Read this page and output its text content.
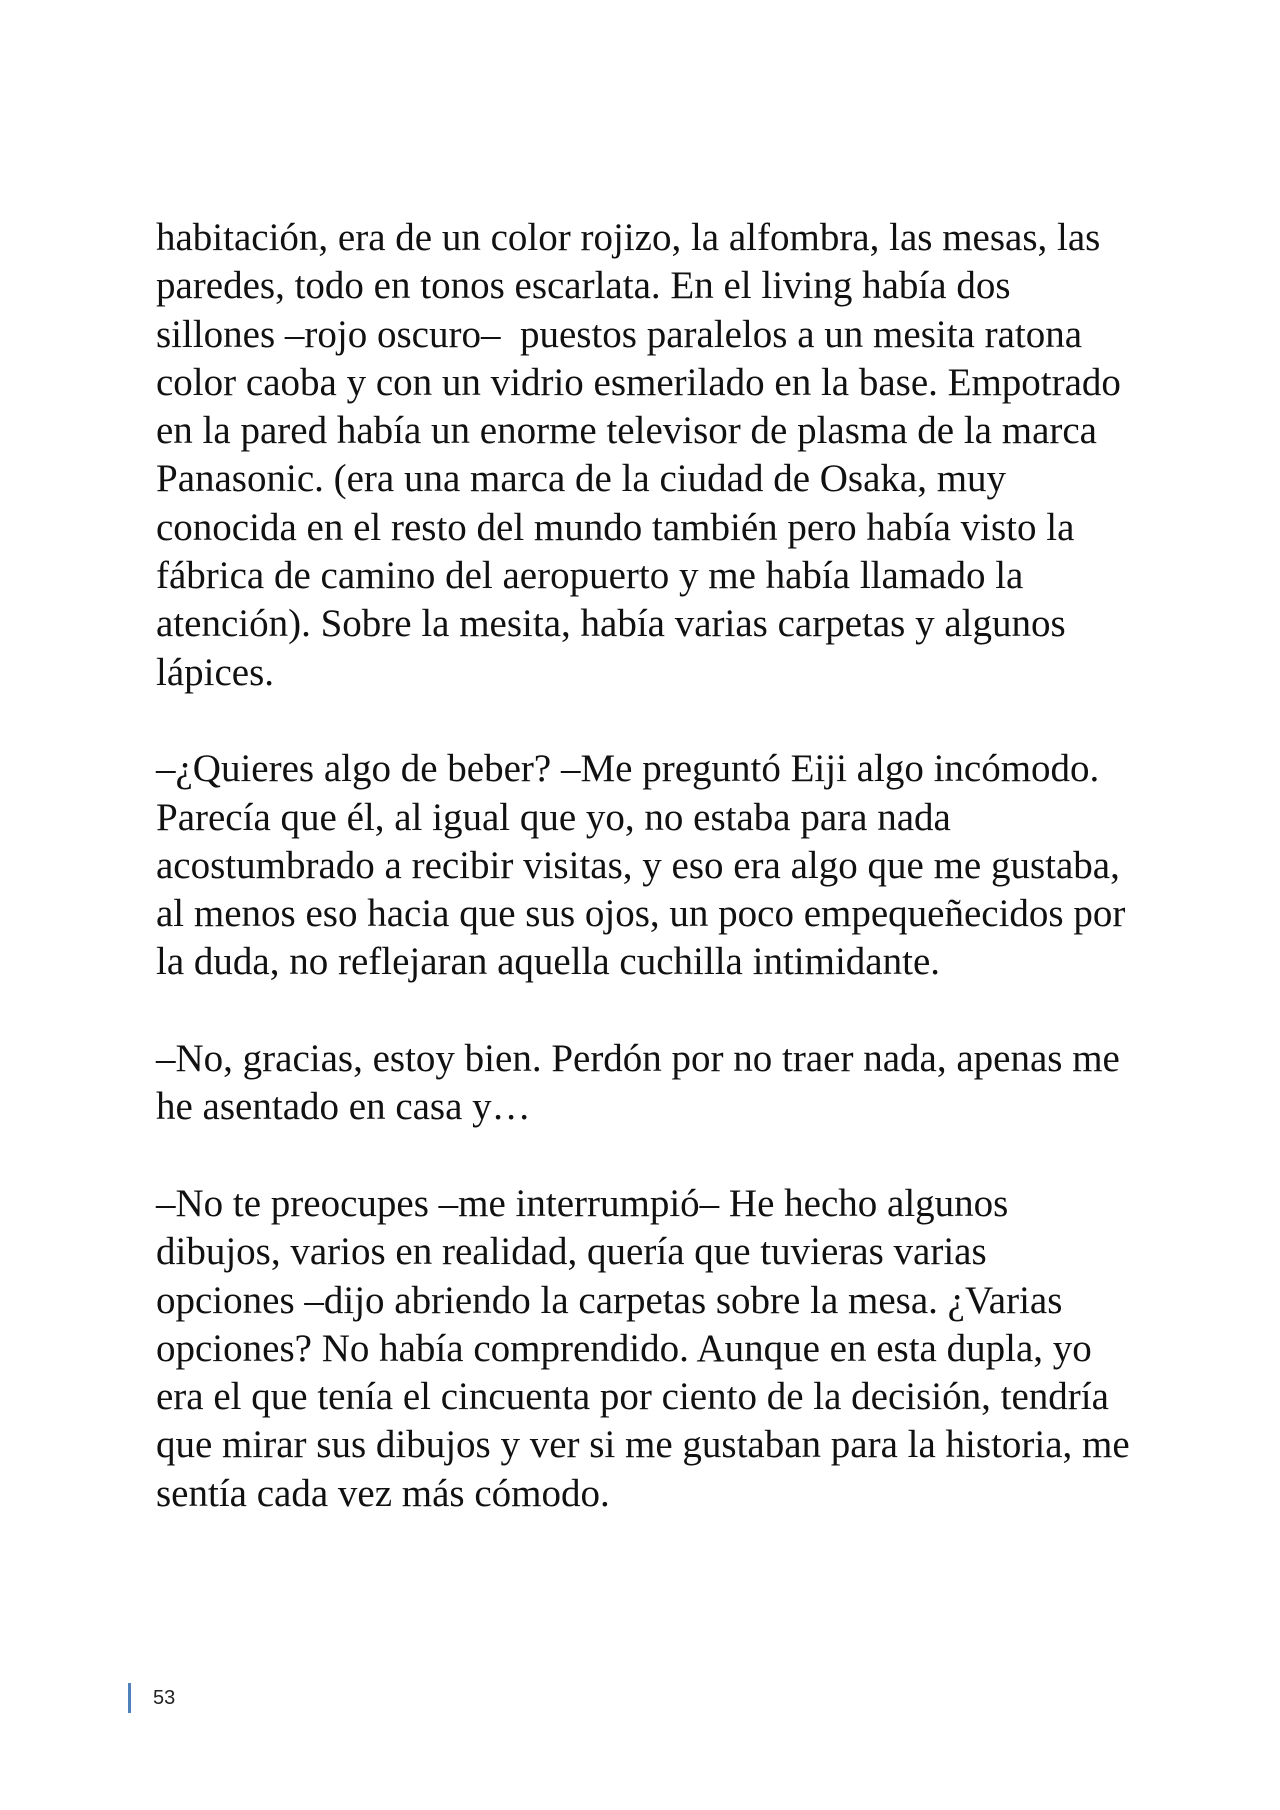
habitación, era de un color rojizo, la alfombra, las mesas, las
paredes, todo en tonos escarlata. En el living había dos
sillones –rojo oscuro–  puestos paralelos a un mesita ratona
color caoba y con un vidrio esmerilado en la base. Empotrado
en la pared había un enorme televisor de plasma de la marca
Panasonic. (era una marca de la ciudad de Osaka, muy
conocida en el resto del mundo también pero había visto la
fábrica de camino del aeropuerto y me había llamado la
atención). Sobre la mesita, había varias carpetas y algunos
lápices.
–¿Quieres algo de beber? –Me preguntó Eiji algo incómodo.
Parecía que él, al igual que yo, no estaba para nada
acostumbrado a recibir visitas, y eso era algo que me gustaba,
al menos eso hacia que sus ojos, un poco empequeñecidos por
la duda, no reflejaran aquella cuchilla intimidante.
–No, gracias, estoy bien. Perdón por no traer nada, apenas me
he asentado en casa y…
–No te preocupes –me interrumpió– He hecho algunos
dibujos, varios en realidad, quería que tuvieras varias
opciones –dijo abriendo la carpetas sobre la mesa. ¿Varias
opciones? No había comprendido. Aunque en esta dupla, yo
era el que tenía el cincuenta por ciento de la decisión, tendría
que mirar sus dibujos y ver si me gustaban para la historia, me
sentía cada vez más cómodo.
53
